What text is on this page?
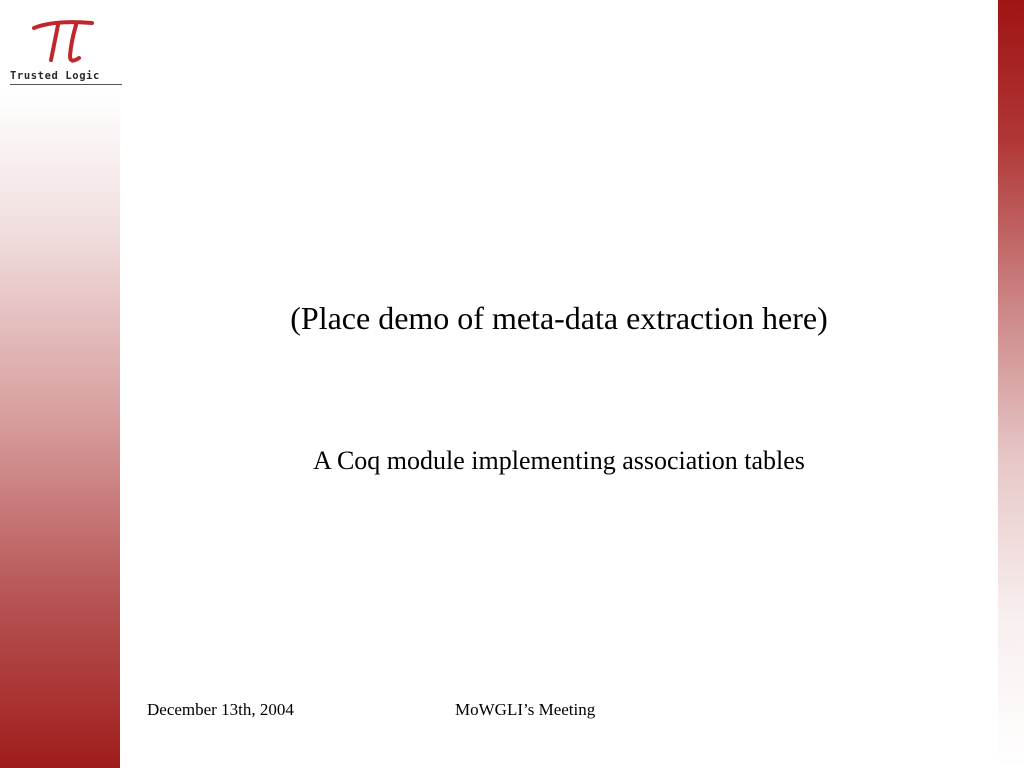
Trusted Logic
(Place demo of meta-data extraction here)
A Coq module implementing association tables
December 13th, 2004	MoWGLI’s Meeting
